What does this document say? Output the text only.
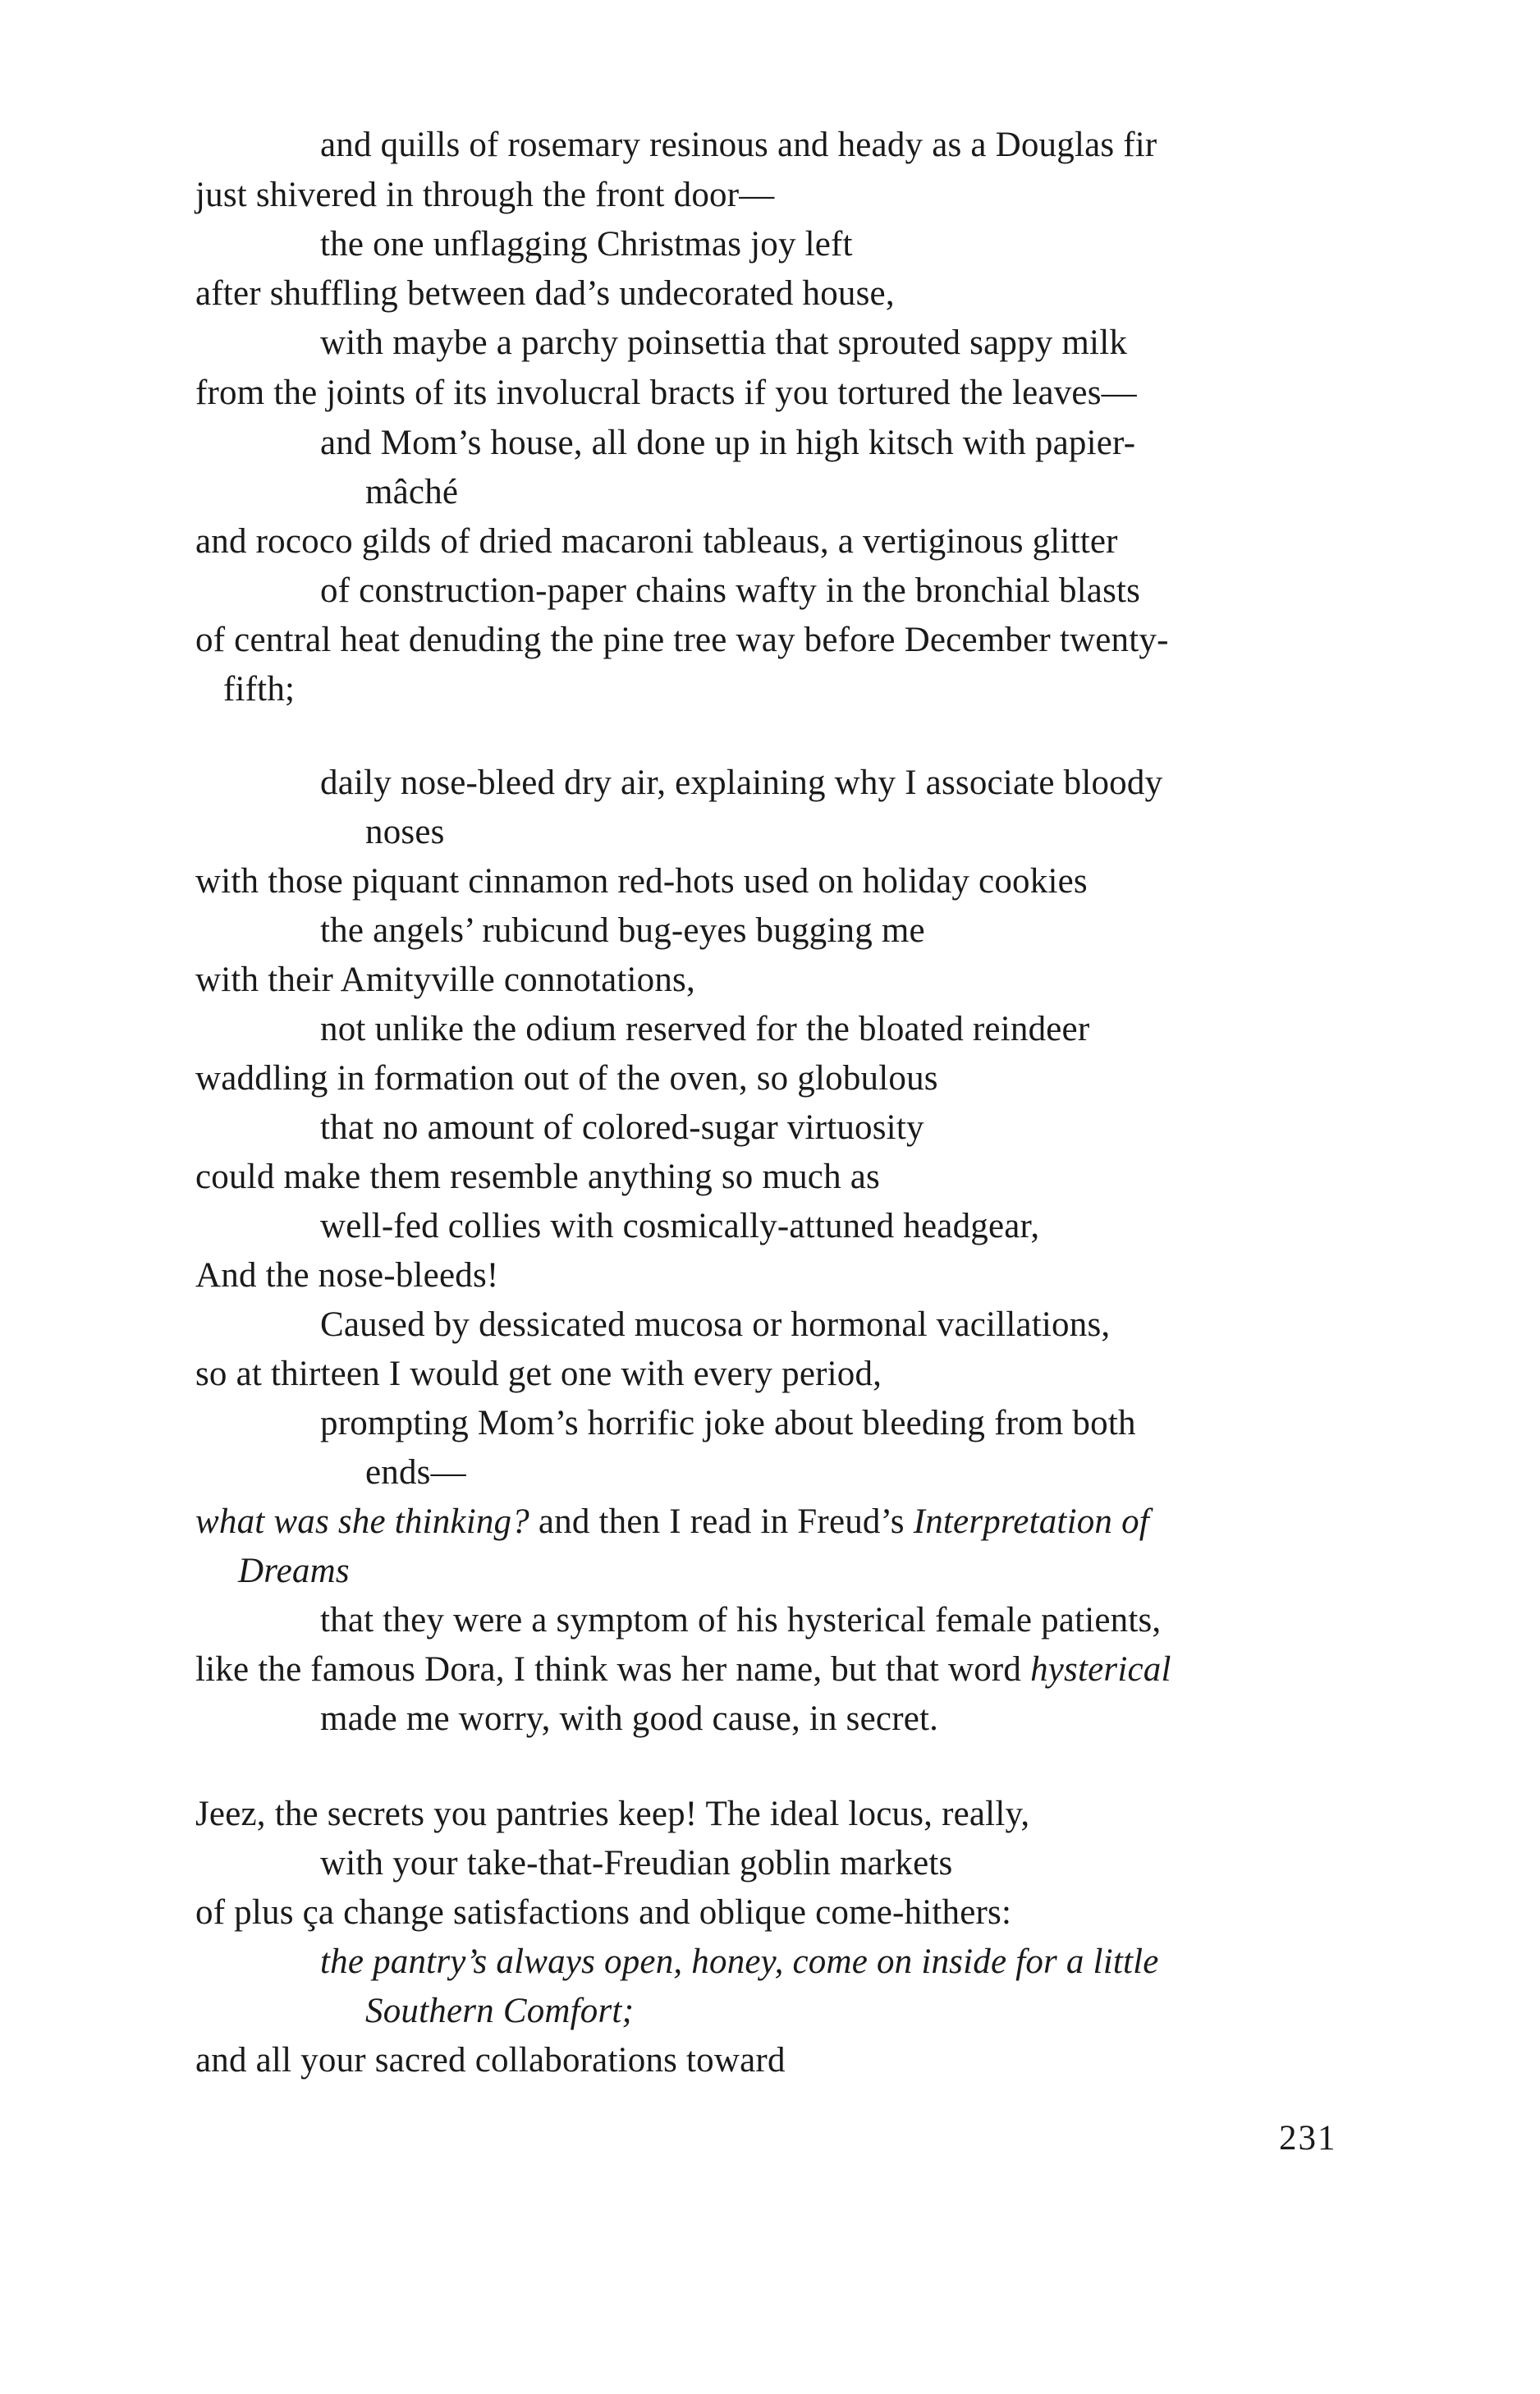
and quills of rosemary resinous and heady as a Douglas fir
just shivered in through the front door—
the one unflagging Christmas joy left
after shuffling between dad’s undecorated house,
with maybe a parchy poinsettia that sprouted sappy milk
from the joints of its involucral bracts if you tortured the leaves—
and Mom’s house, all done up in high kitsch with papier-
mâché
and rococo gilds of dried macaroni tableaus, a vertiginous glitter
of construction-paper chains wafty in the bronchial blasts
of central heat denuding the pine tree way before December twenty-
fifth;
daily nose-bleed dry air, explaining why I associate bloody
noses
with those piquant cinnamon red-hots used on holiday cookies
the angels’ rubicund bug-eyes bugging me
with their Amityville connotations,
not unlike the odium reserved for the bloated reindeer
waddling in formation out of the oven, so globulous
that no amount of colored-sugar virtuosity
could make them resemble anything so much as
well-fed collies with cosmically-attuned headgear,
And the nose-bleeds!
Caused by dessicated mucosa or hormonal vacillations,
so at thirteen I would get one with every period,
prompting Mom’s horrific joke about bleeding from both
ends—
what was she thinking? and then I read in Freud’s Interpretation of
Dreams
that they were a symptom of his hysterical female patients,
like the famous Dora, I think was her name, but that word hysterical
made me worry, with good cause, in secret.
Jeez, the secrets you pantries keep! The ideal locus, really,
with your take-that-Freudian goblin markets
of plus ça change satisfactions and oblique come-hithers:
the pantry’s always open, honey, come on inside for a little
Southern Comfort;
and all your sacred collaborations toward
231
